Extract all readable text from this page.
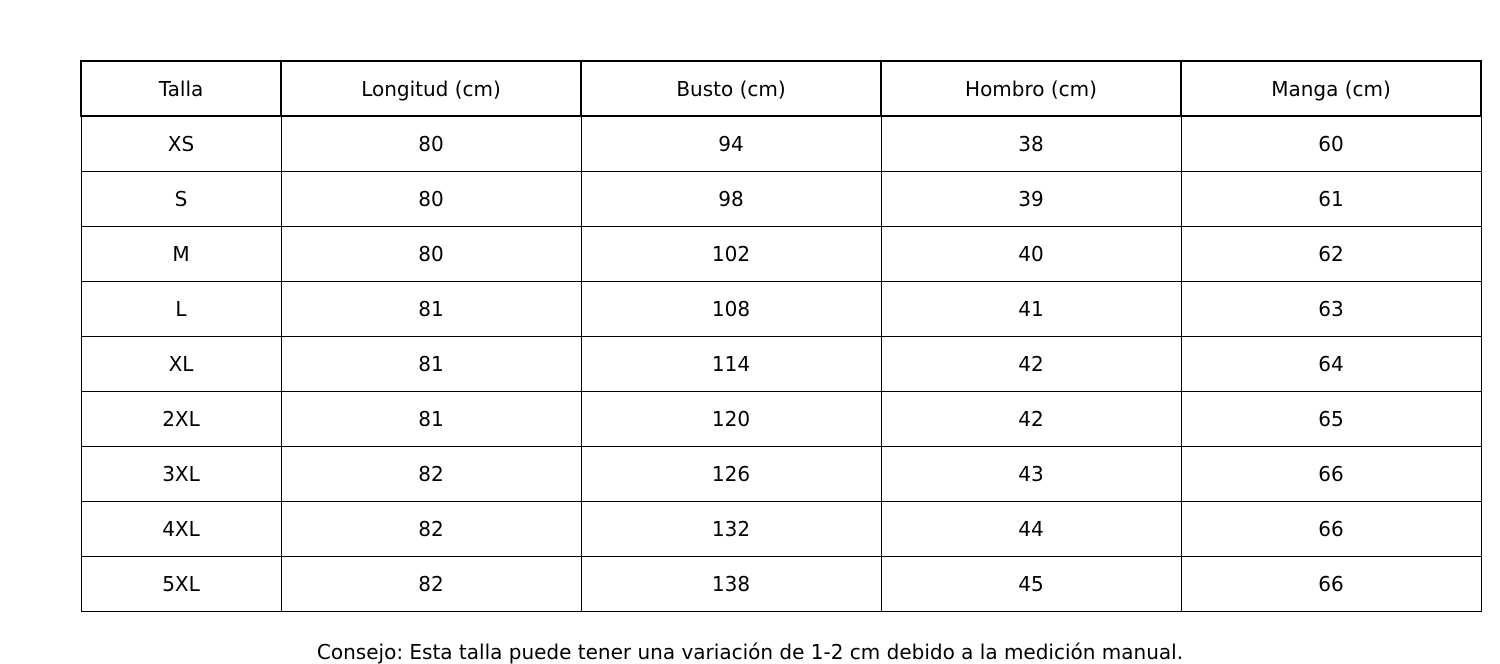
Talla	Longitud (cm)	Busto (cm)	Hombro (cm)	Manga (cm)
XS	80	94	38	60
S	80	98	39	61
M	80	102	40	62
L	81	108	41	63
XL	81	114	42	64
2XL	81	120	42	65
3XL	82	126	43	66
4XL	82	132	44	66
5XL	82	138	45	66
Consejo: Esta talla puede tener una variación de 1-2 cm debido a la medición manual.
